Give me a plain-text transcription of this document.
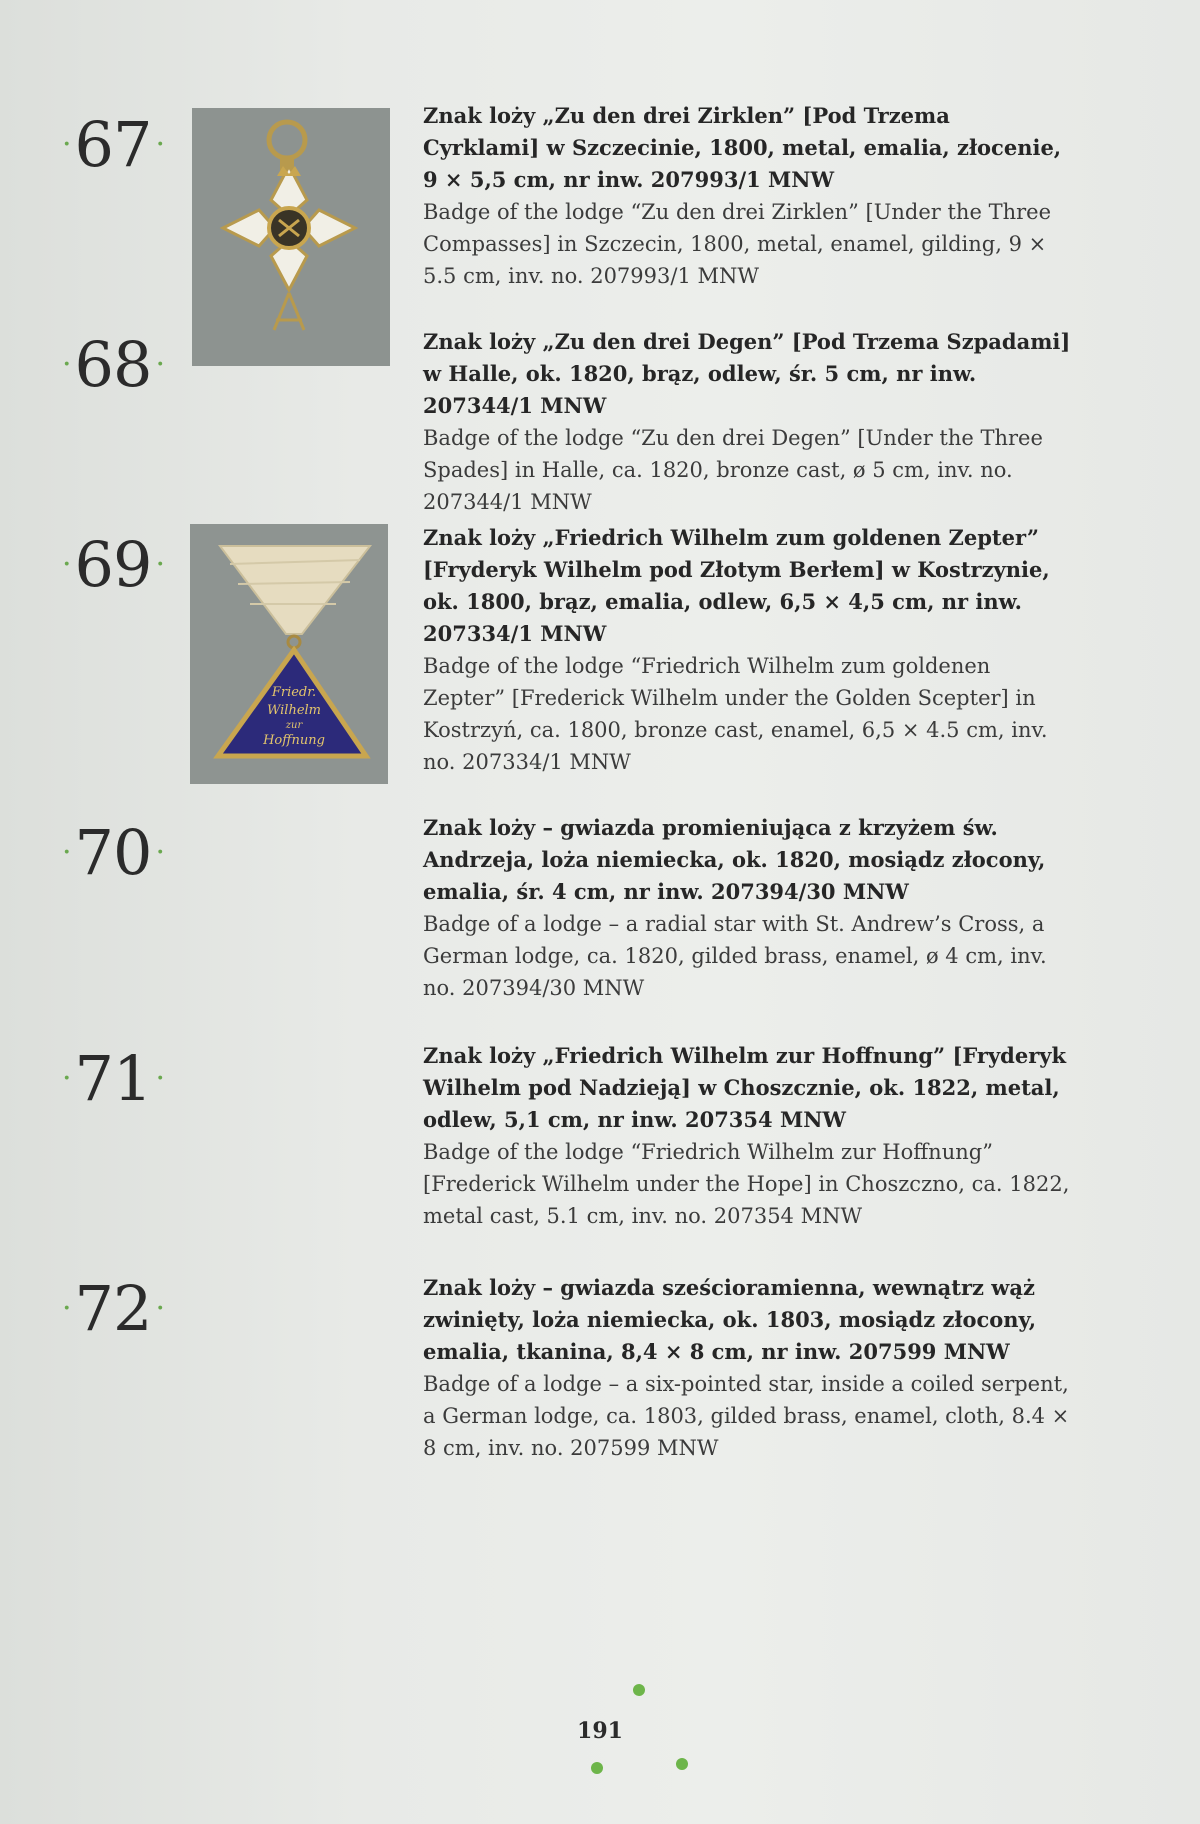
· 67 ·
Znak loży „Zu den drei Zirklen” [Pod Trzema Cyrklami] w Szczecinie, 1800, metal, emalia, złocenie, 9 × 5,5 cm, nr inw. 207993/1 MNW
Badge of the lodge “Zu den drei Zirklen” [Under the Three Compasses] in Szczecin, 1800, metal, enamel, gilding, 9 × 5.5 cm, inv. no. 207993/1 MNW
· 68 ·
Znak loży „Zu den drei Degen” [Pod Trzema Szpadami] w Halle, ok. 1820, brąz, odlew, śr. 5 cm, nr inw. 207344/1 MNW
Badge of the lodge “Zu den drei Degen” [Under the Three Spades] in Halle, ca. 1820, bronze cast, ø 5 cm, inv. no. 207344/1 MNW
· 69 ·
Friedr.
Wilhelm
zur
Hoffnung
Znak loży „Friedrich Wilhelm zum goldenen Zepter” [Fryderyk Wilhelm pod Złotym Berłem] w Kostrzynie, ok. 1800, brąz, emalia, odlew, 6,5 × 4,5 cm, nr inw. 207334/1 MNW
Badge of the lodge “Friedrich Wilhelm zum goldenen Zepter” [Frederick Wilhelm under the Golden Scepter] in Kostrzyń, ca. 1800, bronze cast, enamel, 6,5 × 4.5 cm, inv. no. 207334/1 MNW
· 70 ·
Znak loży – gwiazda promieniująca z krzyżem św. Andrzeja, loża niemiecka, ok. 1820, mosiądz złocony, emalia, śr. 4 cm, nr inw. 207394/30 MNW
Badge of a lodge – a radial star with St. Andrew’s Cross, a German lodge, ca. 1820, gilded brass, enamel, ø 4 cm, inv. no. 207394/30 MNW
· 71 ·
Znak loży „Friedrich Wilhelm zur Hoffnung” [Fryderyk Wilhelm pod Nadzieją] w Choszcznie, ok. 1822, metal, odlew, 5,1 cm, nr inw. 207354 MNW
Badge of the lodge “Friedrich Wilhelm zur Hoffnung” [Frederick Wilhelm under the Hope] in Choszczno, ca. 1822, metal cast, 5.1 cm, inv. no. 207354 MNW
· 72 ·
Znak loży – gwiazda sześcioramienna, wewnątrz wąż zwinięty, loża niemiecka, ok. 1803, mosiądz złocony, emalia, tkanina, 8,4 × 8 cm, nr inw. 207599 MNW
Badge of a lodge – a six-pointed star, inside a coiled serpent, a German lodge, ca. 1803, gilded brass, enamel, cloth, 8.4 × 8 cm, inv. no. 207599 MNW
191
